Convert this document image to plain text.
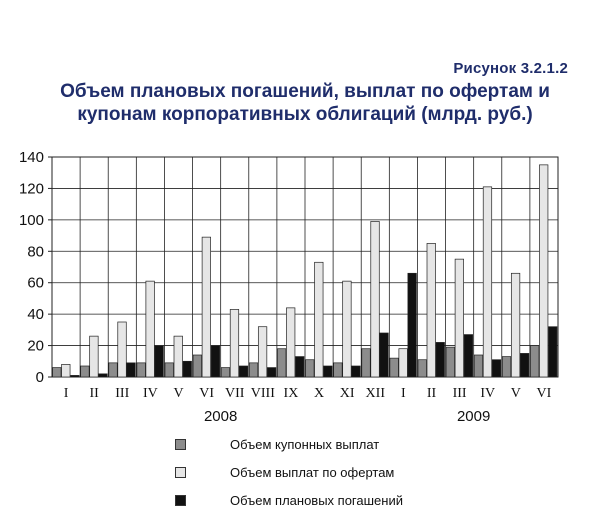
Рисунок 3.2.1.2
Объем плановых погашений, выплат по офертам и
купонам корпоративных облигаций (млрд. руб.)
0
20
40
60
80
100
120
140
I II III IV V VI VII VIII IX X XI XII I II III IV V VI
2008	2009
Объем купонных выплат
Объем выплат по офертам
Объем плановых погашений
